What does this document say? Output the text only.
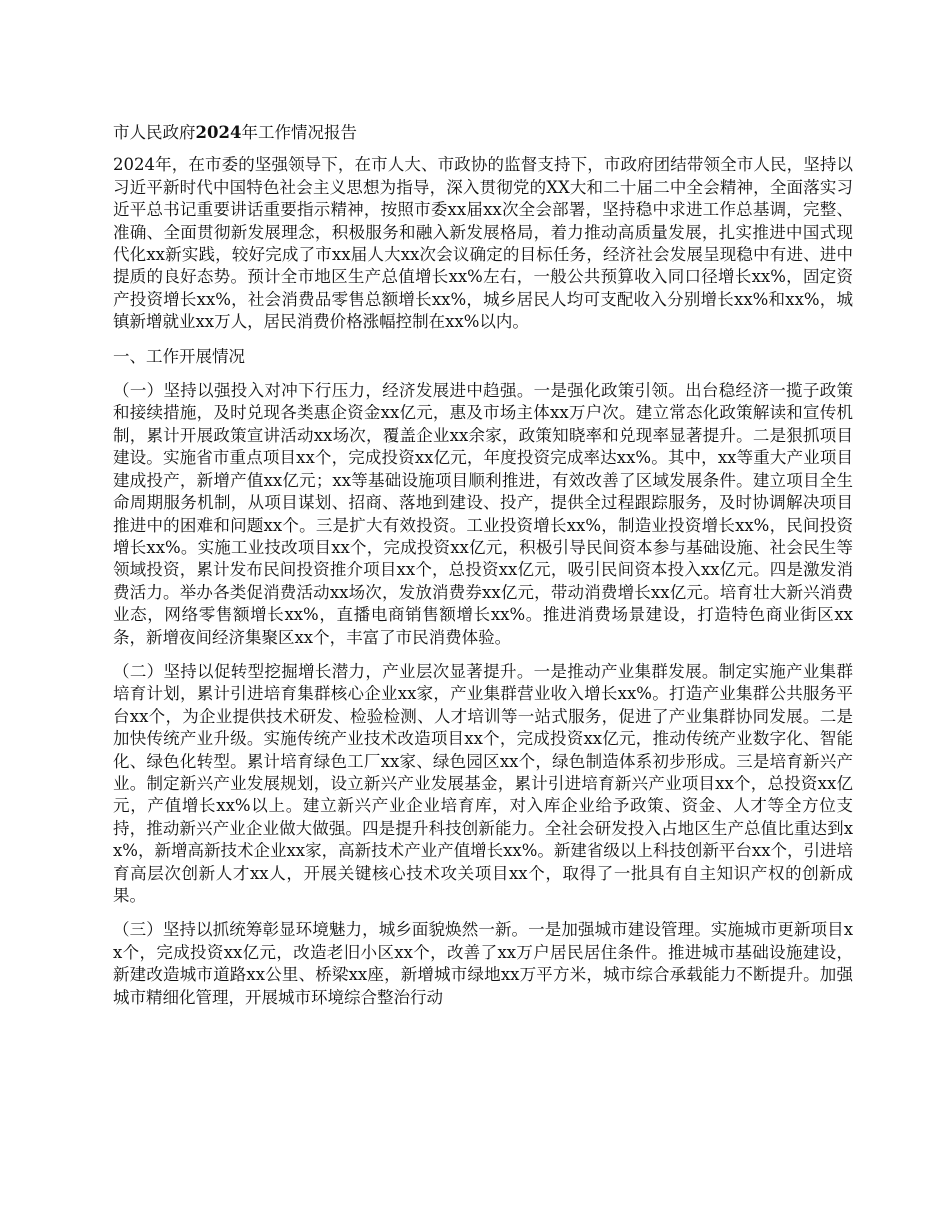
市人民政府2024年工作情况报告

2024年，在市委的坚强领导下，在市人大、市政协的监督支持下，市政府团结带领全市人民，坚持以习近平新时代中国特色社会主义思想为指导，深入贯彻党的XX大和二十届二中全会精神，全面落实习近平总书记重要讲话重要指示精神，按照市委xx届xx次全会部署，坚持稳中求进工作总基调，完整、准确、全面贯彻新发展理念，积极服务和融入新发展格局，着力推动高质量发展，扎实推进中国式现代化xx新实践，较好完成了市xx届人大xx次会议确定的目标任务，经济社会发展呈现稳中有进、进中提质的良好态势。预计全市地区生产总值增长xx%左右，一般公共预算收入同口径增长xx%，固定资产投资增长xx%，社会消费品零售总额增长xx%，城乡居民人均可支配收入分别增长xx%和xx%，城镇新增就业xx万人，居民消费价格涨幅控制在xx%以内。

一、工作开展情况

（一）坚持以强投入对冲下行压力，经济发展进中趋强。一是强化政策引领。出台稳经济一揽子政策和接续措施，及时兑现各类惠企资金xx亿元，惠及市场主体xx万户次。建立常态化政策解读和宣传机制，累计开展政策宣讲活动xx场次，覆盖企业xx余家，政策知晓率和兑现率显著提升。二是狠抓项目建设。实施省市重点项目xx个，完成投资xx亿元，年度投资完成率达xx%。其中，xx等重大产业项目建成投产，新增产值xx亿元；xx等基础设施项目顺利推进，有效改善了区域发展条件。建立项目全生命周期服务机制，从项目谋划、招商、落地到建设、投产，提供全过程跟踪服务，及时协调解决项目推进中的困难和问题xx个。三是扩大有效投资。工业投资增长xx%，制造业投资增长xx%，民间投资增长xx%。实施工业技改项目xx个，完成投资xx亿元，积极引导民间资本参与基础设施、社会民生等领域投资，累计发布民间投资推介项目xx个，总投资xx亿元，吸引民间资本投入xx亿元。四是激发消费活力。举办各类促消费活动xx场次，发放消费券xx亿元，带动消费增长xx亿元。培育壮大新兴消费业态，网络零售额增长xx%，直播电商销售额增长xx%。推进消费场景建设，打造特色商业街区xx条，新增夜间经济集聚区xx个，丰富了市民消费体验。

（二）坚持以促转型挖掘增长潜力，产业层次显著提升。一是推动产业集群发展。制定实施产业集群培育计划，累计引进培育集群核心企业xx家，产业集群营业收入增长xx%。打造产业集群公共服务平台xx个，为企业提供技术研发、检验检测、人才培训等一站式服务，促进了产业集群协同发展。二是加快传统产业升级。实施传统产业技术改造项目xx个，完成投资xx亿元，推动传统产业数字化、智能化、绿色化转型。累计培育绿色工厂xx家、绿色园区xx个，绿色制造体系初步形成。三是培育新兴产业。制定新兴产业发展规划，设立新兴产业发展基金，累计引进培育新兴产业项目xx个，总投资xx亿元，产值增长xx%以上。建立新兴产业企业培育库，对入库企业给予政策、资金、人才等全方位支持，推动新兴产业企业做大做强。四是提升科技创新能力。全社会研发投入占地区生产总值比重达到xx%，新增高新技术企业xx家，高新技术产业产值增长xx%。新建省级以上科技创新平台xx个，引进培育高层次创新人才xx人，开展关键核心技术攻关项目xx个，取得了一批具有自主知识产权的创新成果。

（三）坚持以抓统筹彰显环境魅力，城乡面貌焕然一新。一是加强城市建设管理。实施城市更新项目xx个，完成投资xx亿元，改造老旧小区xx个，改善了xx万户居民居住条件。推进城市基础设施建设，新建改造城市道路xx公里、桥梁xx座，新增城市绿地xx万平方米，城市综合承载能力不断提升。加强城市精细化管理，开展城市环境综合整治行动
